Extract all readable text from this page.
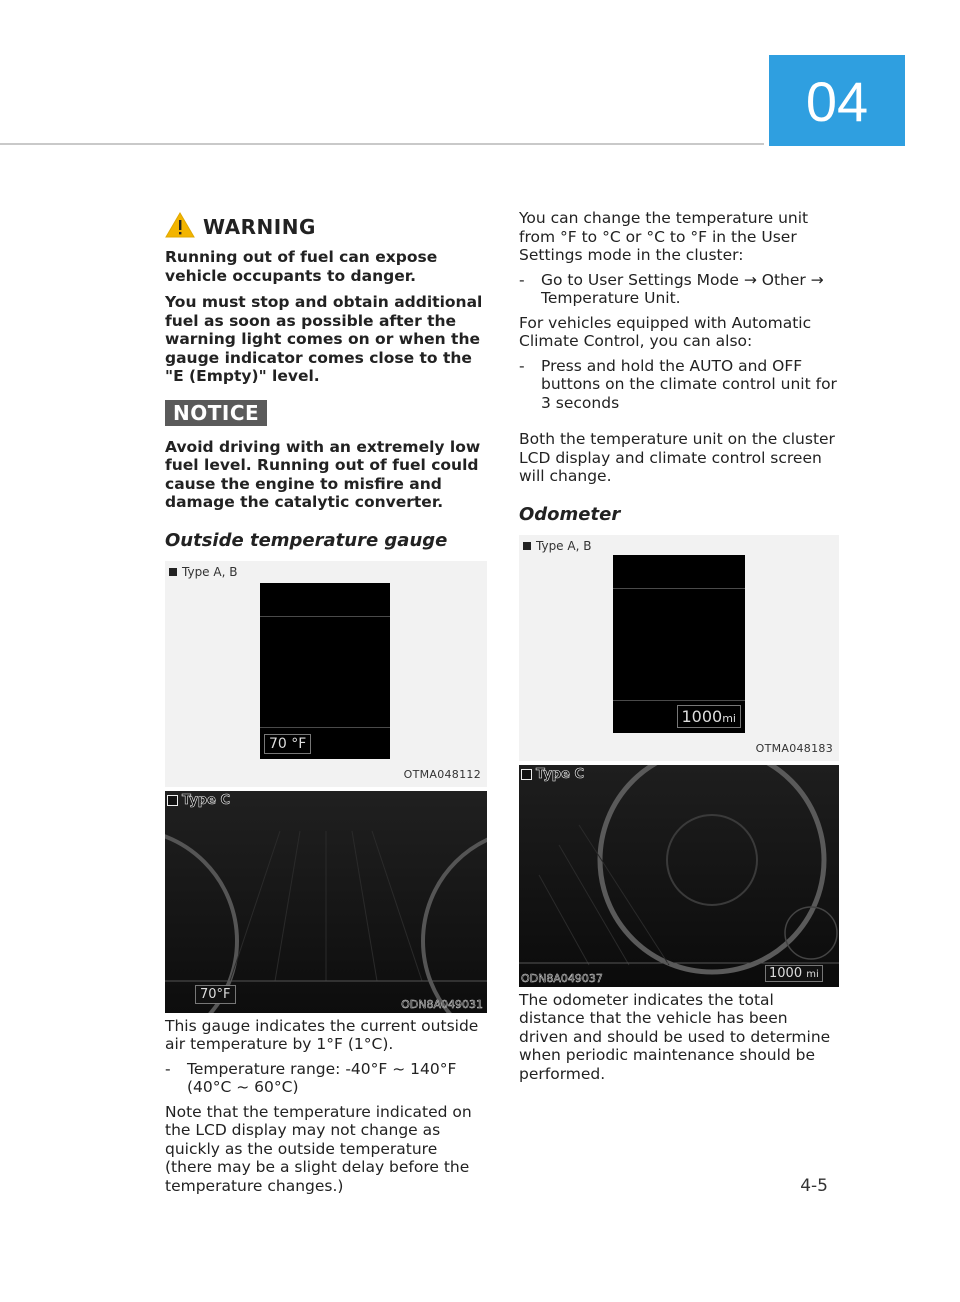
04
WARNING

Running out of fuel can expose vehicle occupants to danger.

You must stop and obtain additional fuel as soon as possible after the warning light comes on or when the gauge indicator comes close to the "E (Empty)" level.

NOTICE

Avoid driving with an extremely low fuel level. Running out of fuel could cause the engine to misfire and damage the catalytic converter.

Outside temperature gauge
Type A, B
70 °F
OTMA048112
Type C
70°F
ODN8A049031

This gauge indicates the current outside air temperature by 1°F (1°C).

-	Temperature range: -40°F ~ 140°F (40°C ~ 60°C)

Note that the temperature indicated on the LCD display may not change as quickly as the outside temperature (there may be a slight delay before the temperature changes.)

You can change the temperature unit from °F to °C or °C to °F in the User Settings mode in the cluster:

-	Go to User Settings Mode → Other → Temperature Unit.

For vehicles equipped with Automatic Climate Control, you can also:

-	Press and hold the AUTO and OFF buttons on the climate control unit for 3 seconds

Both the temperature unit on the cluster LCD display and climate control screen will change.

Odometer
Type A, B
1000mi
OTMA048183
Type C
1000 mi
ODN8A049037

The odometer indicates the total distance that the vehicle has been driven and should be used to determine when periodic maintenance should be performed.

4-5
